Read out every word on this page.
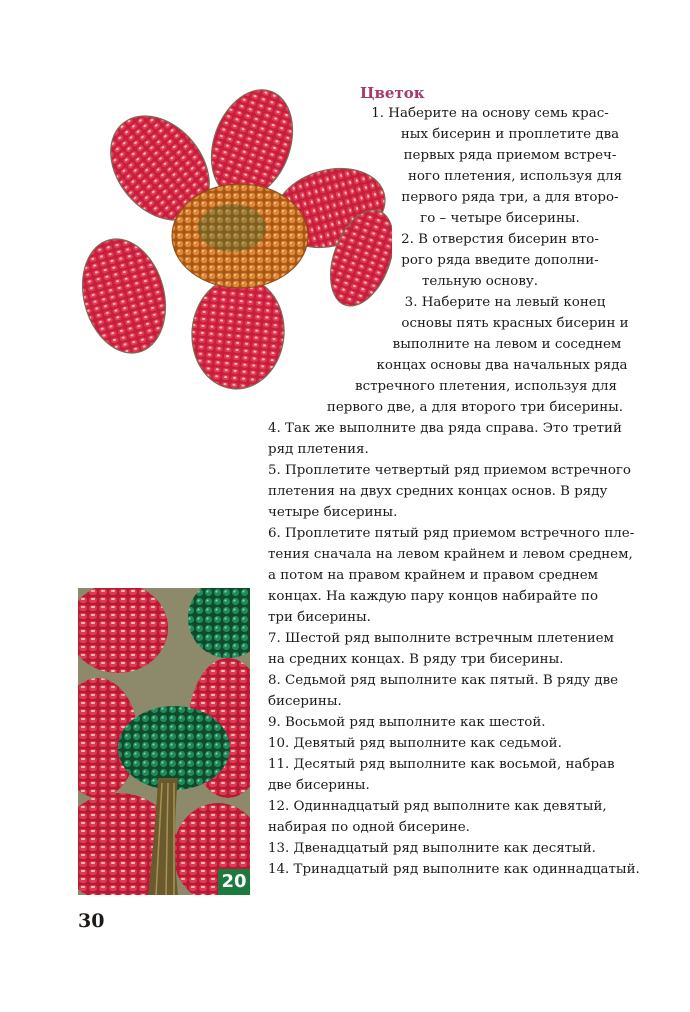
Цветок
1. Наберите на основу семь крас-
ных бисерин и проплетите два
первых ряда приемом встреч-
ного плетения, используя для
первого ряда три, а для второ-
го – четыре бисерины.
2. В отверстия бисерин вто-
рого ряда введите дополни-
тельную основу.
3. Наберите на левый конец
основы пять красных бисерин и
выполните на левом и соседнем
концах основы два начальных ряда
встречного плетения, используя для
первого две, а для второго три бисерины.
4. Так же выполните два ряда справа. Это третий
ряд плетения.
5. Проплетите четвертый ряд приемом встречного
плетения на двух средних концах основ. В ряду
четыре бисерины.
6. Проплетите пятый ряд приемом встречного пле-
тения сначала на левом крайнем и левом среднем,
а потом на правом крайнем и правом среднем
концах. На каждую пару концов набирайте по
три бисерины.
7. Шестой ряд выполните встречным плетением
на средних концах. В ряду три бисерины.
8. Седьмой ряд выполните как пятый. В ряду две
бисерины.
9. Восьмой ряд выполните как шестой.
10. Девятый ряд выполните как седьмой.
11. Десятый ряд выполните как восьмой, набрав
две бисерины.
12. Одиннадцатый ряд выполните как девятый,
набирая по одной бисерине.
13. Двенадцатый ряд выполните как десятый.
14. Тринадцатый ряд выполните как одиннадцатый.
20
30
